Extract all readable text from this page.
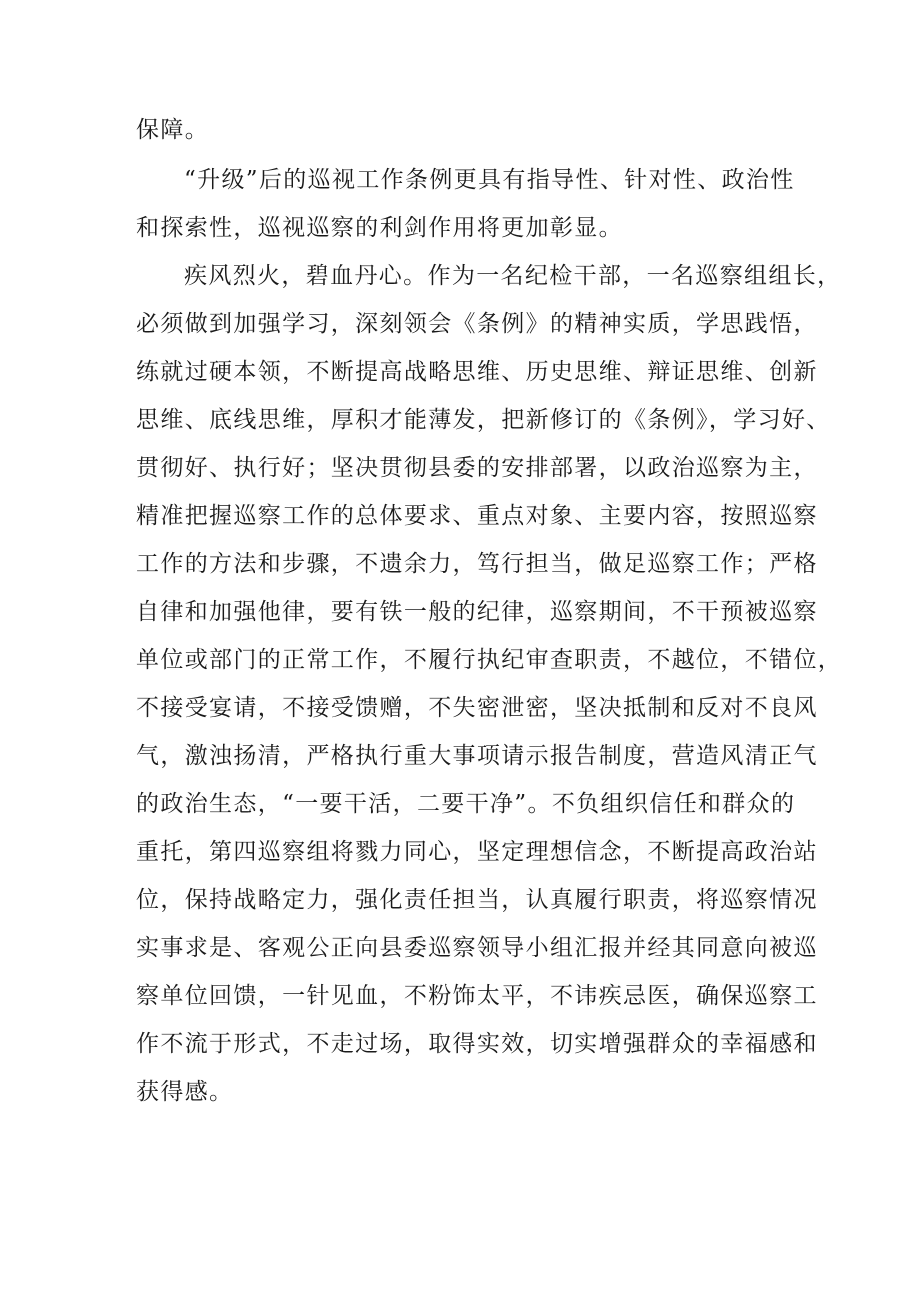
保障。
“升级”后的巡视工作条例更具有指导性、针对性、政治性
和探索性，巡视巡察的利剑作用将更加彰显。
疾风烈火，碧血丹心。作为一名纪检干部，一名巡察组组长，
必须做到加强学习，深刻领会《条例》的精神实质，学思践悟，
练就过硬本领，不断提高战略思维、历史思维、辩证思维、创新
思维、底线思维，厚积才能薄发，把新修订的《条例》，学习好、
贯彻好、执行好；坚决贯彻县委的安排部署，以政治巡察为主，
精准把握巡察工作的总体要求、重点对象、主要内容，按照巡察
工作的方法和步骤，不遗余力，笃行担当，做足巡察工作；严格
自律和加强他律，要有铁一般的纪律，巡察期间，不干预被巡察
单位或部门的正常工作，不履行执纪审查职责，不越位，不错位，
不接受宴请，不接受馈赠，不失密泄密，坚决抵制和反对不良风
气，激浊扬清，严格执行重大事项请示报告制度，营造风清正气
的政治生态，“一要干活，二要干净”。不负组织信任和群众的
重托，第四巡察组将戮力同心，坚定理想信念，不断提高政治站
位，保持战略定力，强化责任担当，认真履行职责，将巡察情况
实事求是、客观公正向县委巡察领导小组汇报并经其同意向被巡
察单位回馈，一针见血，不粉饰太平，不讳疾忌医，确保巡察工
作不流于形式，不走过场，取得实效，切实增强群众的幸福感和
获得感。
